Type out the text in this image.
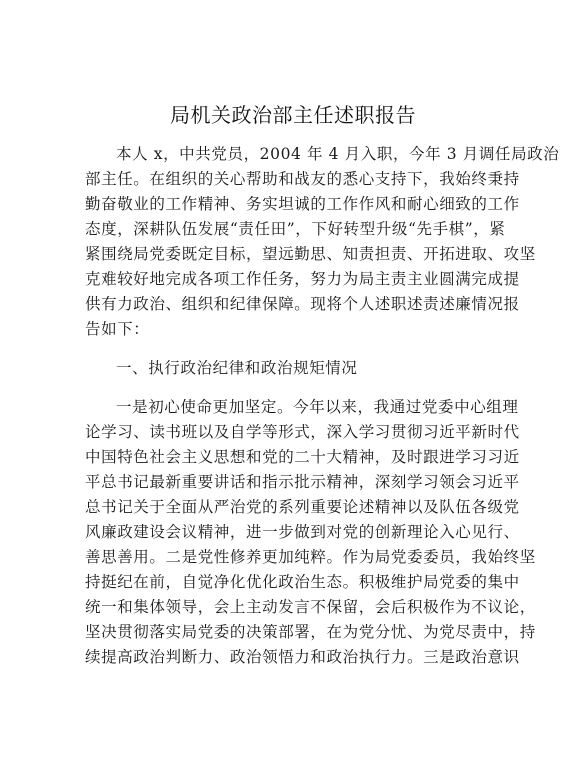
局机关政治部主任述职报告
本人 x，中共党员，2004 年 4 月入职，今年 3 月调任局政治
部主任。在组织的关心帮助和战友的悉心支持下，我始终秉持
勤奋敬业的工作精神、务实坦诚的工作作风和耐心细致的工作
态度，深耕队伍发展“责任田”，下好转型升级“先手棋”，紧
紧围绕局党委既定目标，望远勤思、知责担责、开拓进取、攻坚
克难较好地完成各项工作任务，努力为局主责主业圆满完成提
供有力政治、组织和纪律保障。现将个人述职述责述廉情况报
告如下：
一、执行政治纪律和政治规矩情况
一是初心使命更加坚定。今年以来，我通过党委中心组理
论学习、读书班以及自学等形式，深入学习贯彻习近平新时代
中国特色社会主义思想和党的二十大精神，及时跟进学习习近
平总书记最新重要讲话和指示批示精神，深刻学习领会习近平
总书记关于全面从严治党的系列重要论述精神以及队伍各级党
风廉政建设会议精神，进一步做到对党的创新理论入心见行、
善思善用。二是党性修养更加纯粹。作为局党委委员，我始终坚
持挺纪在前，自觉净化优化政治生态。积极维护局党委的集中
统一和集体领导，会上主动发言不保留，会后积极作为不议论，
坚决贯彻落实局党委的决策部署，在为党分忧、为党尽责中，持
续提高政治判断力、政治领悟力和政治执行力。三是政治意识
